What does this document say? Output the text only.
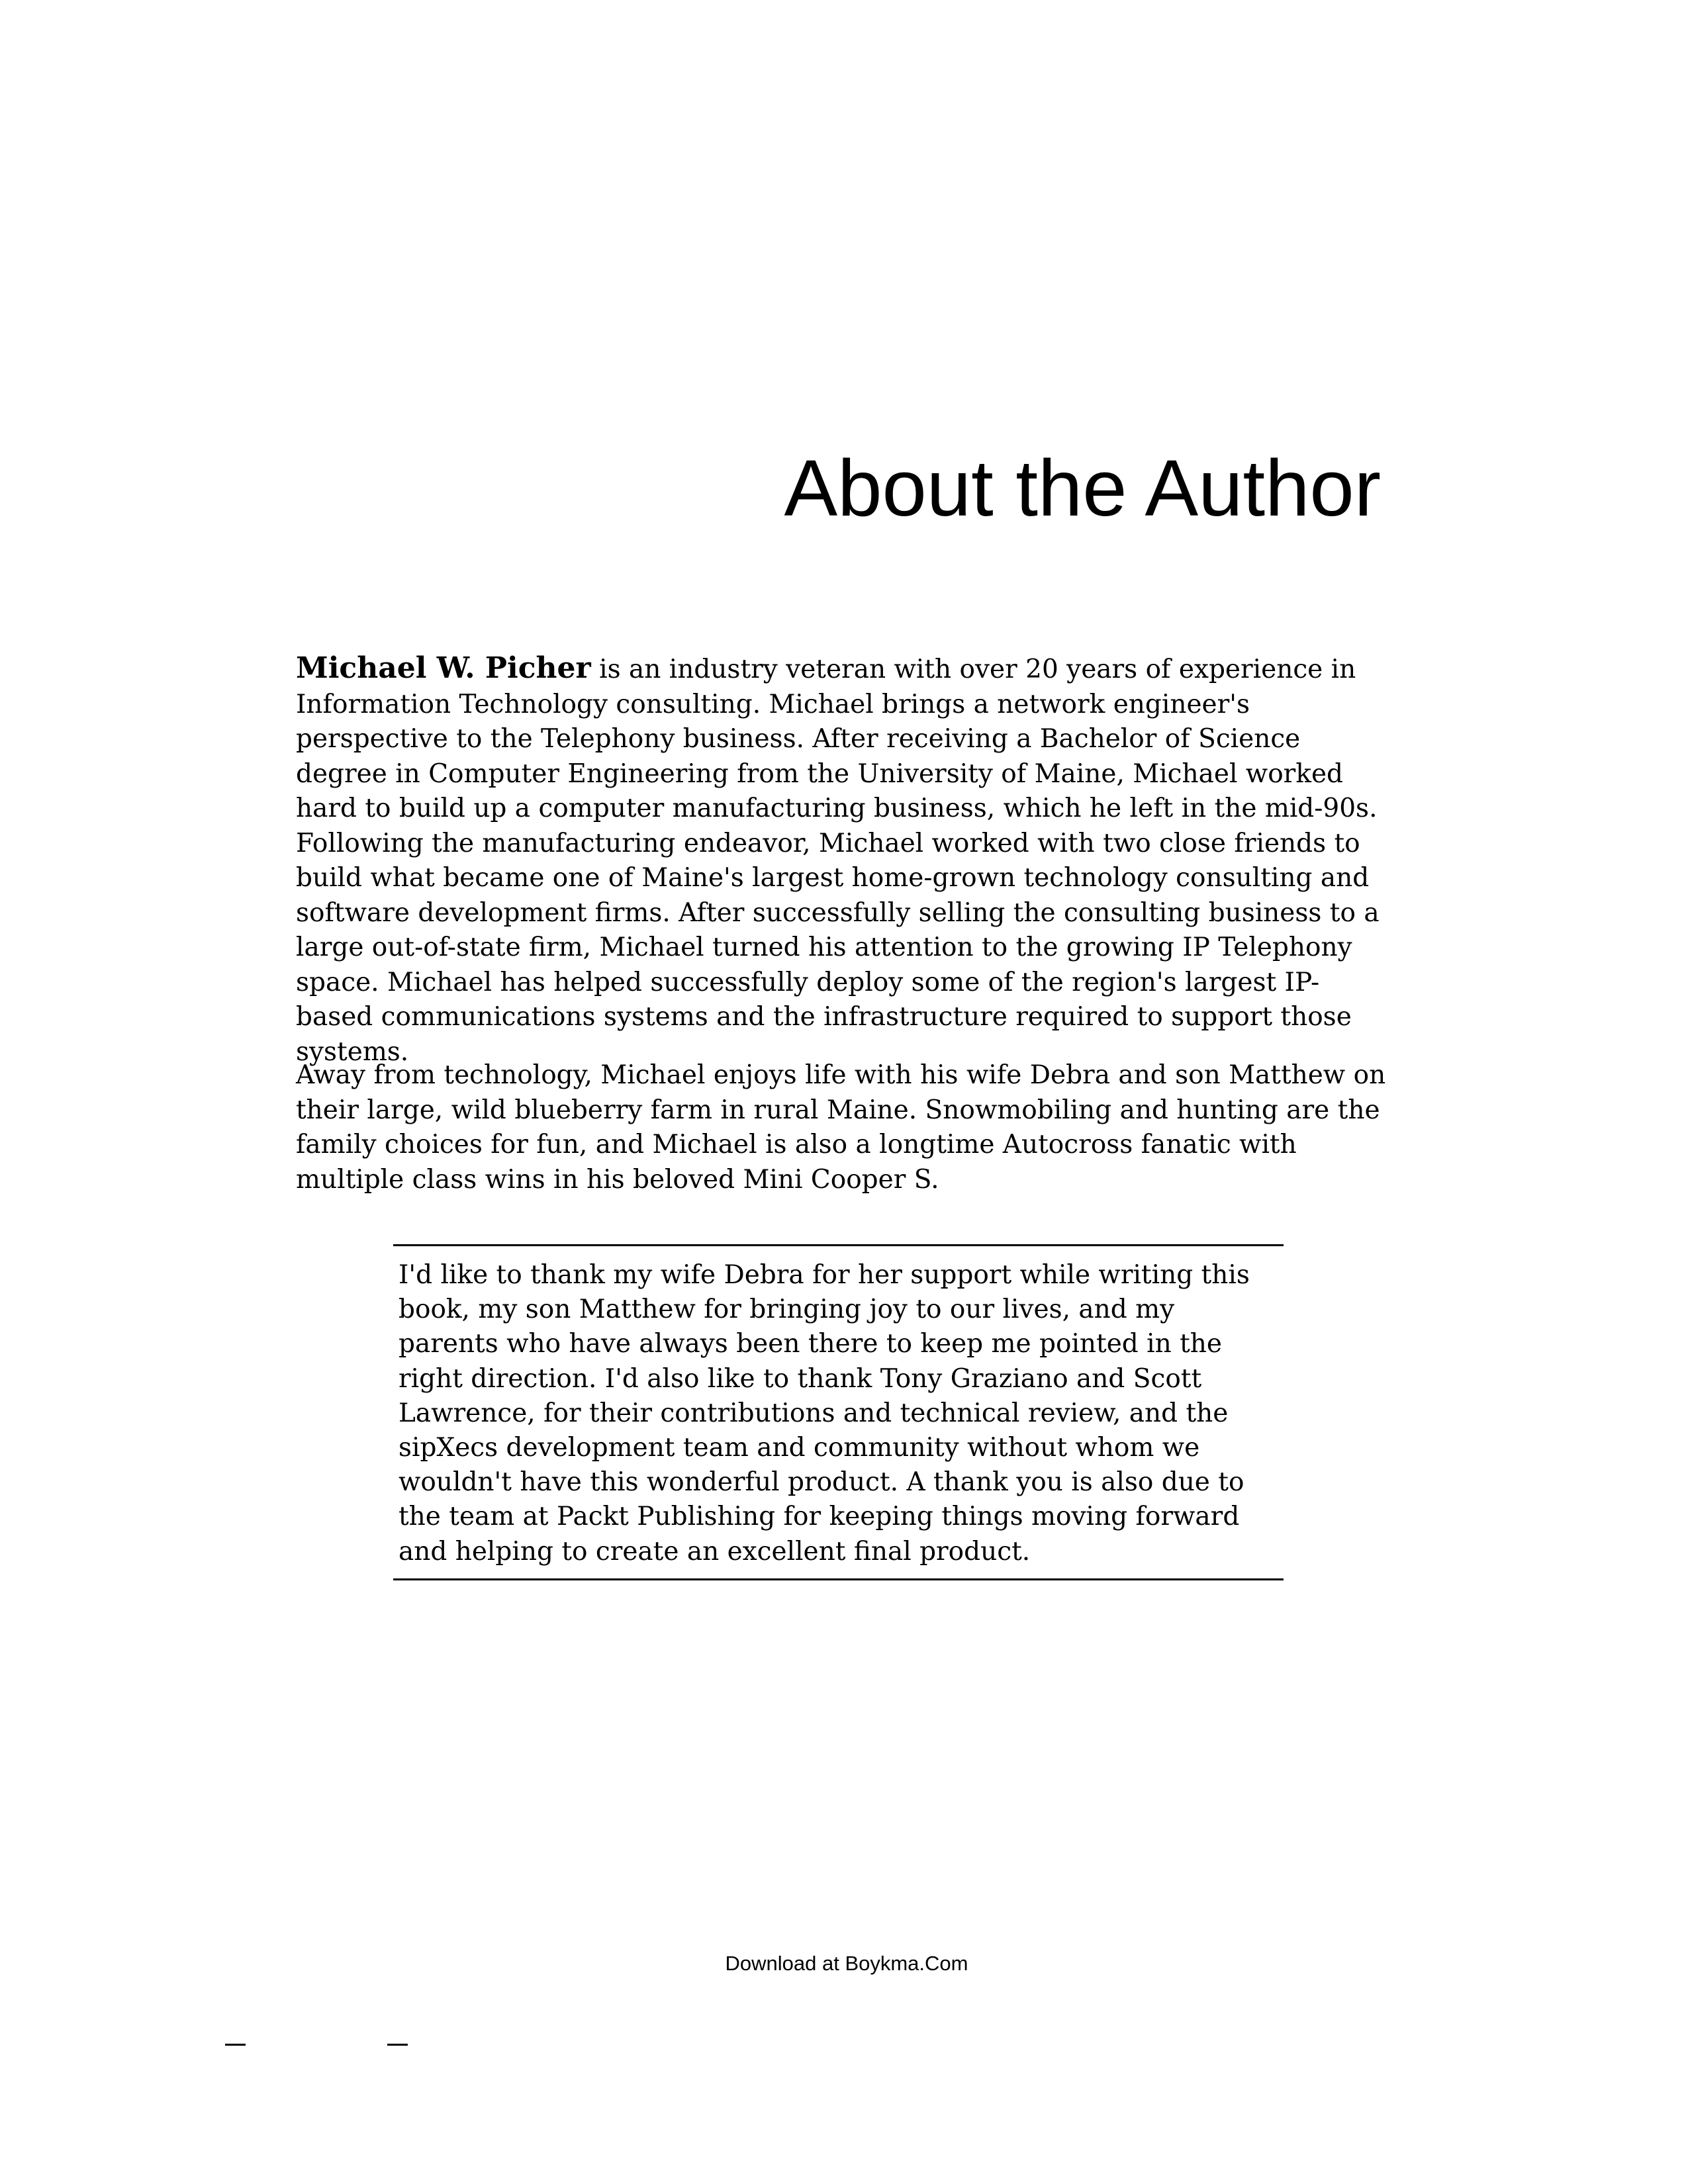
About the Author

Michael W. Picher is an industry veteran with over 20 years of experience in Information Technology consulting. Michael brings a network engineer's perspective to the Telephony business. After receiving a Bachelor of Science degree in Computer Engineering from the University of Maine, Michael worked hard to build up a computer manufacturing business, which he left in the mid-90s. Following the manufacturing endeavor, Michael worked with two close friends to build what became one of Maine's largest home-grown technology consulting and software development firms. After successfully selling the consulting business to a large out-of-state firm, Michael turned his attention to the growing IP Telephony space. Michael has helped successfully deploy some of the region's largest IP-based communications systems and the infrastructure required to support those systems.

Away from technology, Michael enjoys life with his wife Debra and son Matthew on their large, wild blueberry farm in rural Maine. Snowmobiling and hunting are the family choices for fun, and Michael is also a longtime Autocross fanatic with multiple class wins in his beloved Mini Cooper S.

I'd like to thank my wife Debra for her support while writing this book, my son Matthew for bringing joy to our lives, and my parents who have always been there to keep me pointed in the right direction. I'd also like to thank Tony Graziano and Scott Lawrence, for their contributions and technical review, and the sipXecs development team and community without whom we wouldn't have this wonderful product. A thank you is also due to the team at Packt Publishing for keeping things moving forward and helping to create an excellent final product.

Download at Boykma.Com
